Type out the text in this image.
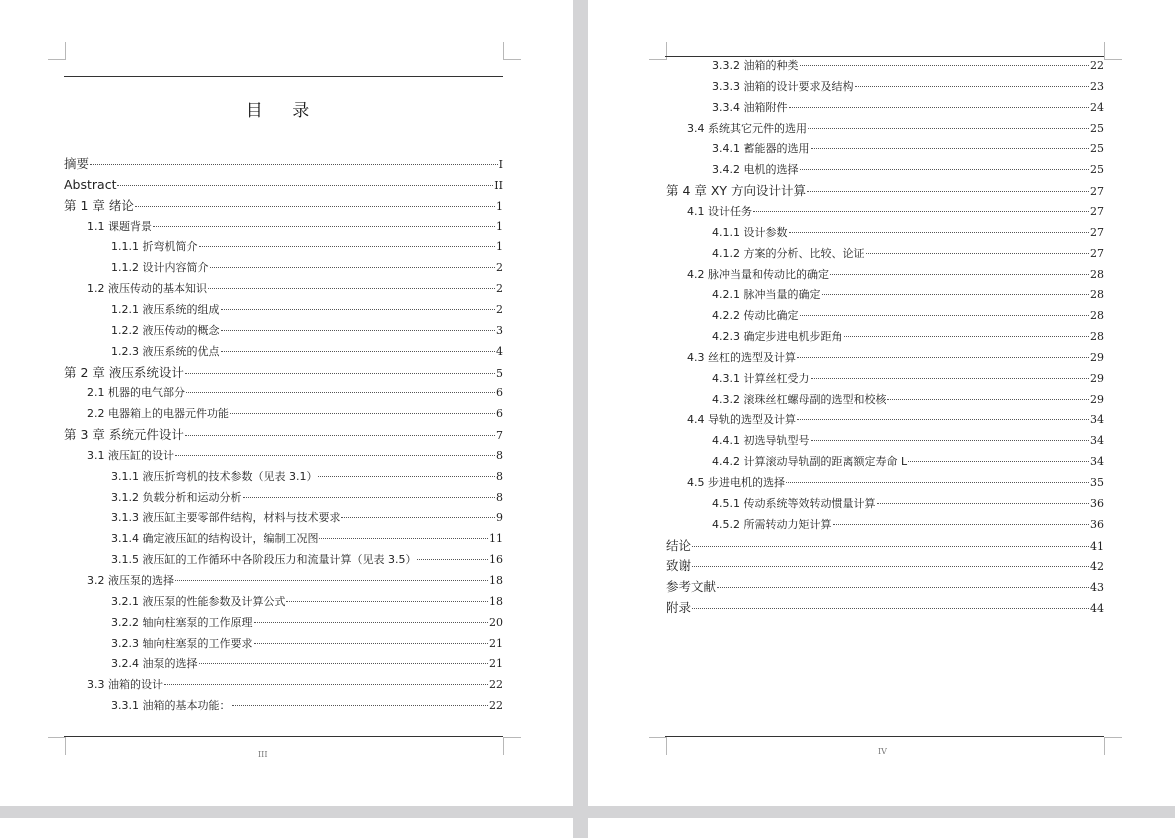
目 录
摘要	I
Abstract	II
第 1 章 绪论	1
1.1 课题背景	1
1.1.1 折弯机简介	1
1.1.2 设计内容简介	2
1.2 液压传动的基本知识	2
1.2.1 液压系统的组成	2
1.2.2 液压传动的概念	3
1.2.3 液压系统的优点	4
第 2 章 液压系统设计	5
2.1 机器的电气部分	6
2.2 电器箱上的电器元件功能	6
第 3 章 系统元件设计	7
3.1 液压缸的设计	8
3.1.1 液压折弯机的技术参数（见表 3.1）	8
3.1.2 负载分析和运动分析	8
3.1.3 液压缸主要零部件结构，材料与技术要求	9
3.1.4 确定液压缸的结构设计，编制工况图	11
3.1.5 液压缸的工作循环中各阶段压力和流量计算（见表 3.5）	16
3.2 液压泵的选择	18
3.2.1 液压泵的性能参数及计算公式	18
3.2.2 轴向柱塞泵的工作原理	20
3.2.3 轴向柱塞泵的工作要求	21
3.2.4 油泵的选择	21
3.3 油箱的设计	22
3.3.1 油箱的基本功能：	22
III
3.3.2 油箱的种类	22
3.3.3 油箱的设计要求及结构	23
3.3.4 油箱附件	24
3.4 系统其它元件的选用	25
3.4.1 蓄能器的选用	25
3.4.2 电机的选择	25
第 4 章 XY 方向设计计算	27
4.1 设计任务	27
4.1.1 设计参数	27
4.1.2 方案的分析、比较、论证	27
4.2 脉冲当量和传动比的确定	28
4.2.1 脉冲当量的确定	28
4.2.2 传动比确定	28
4.2.3 确定步进电机步距角	28
4.3 丝杠的选型及计算	29
4.3.1 计算丝杠受力	29
4.3.2 滚珠丝杠螺母副的选型和校核	29
4.4 导轨的选型及计算	34
4.4.1 初选导轨型号	34
4.4.2 计算滚动导轨副的距离额定寿命 L	34
4.5 步进电机的选择	35
4.5.1 传动系统等效转动惯量计算	36
4.5.2 所需转动力矩计算	36
结论	41
致谢	42
参考文献	43
附录	44
IV
